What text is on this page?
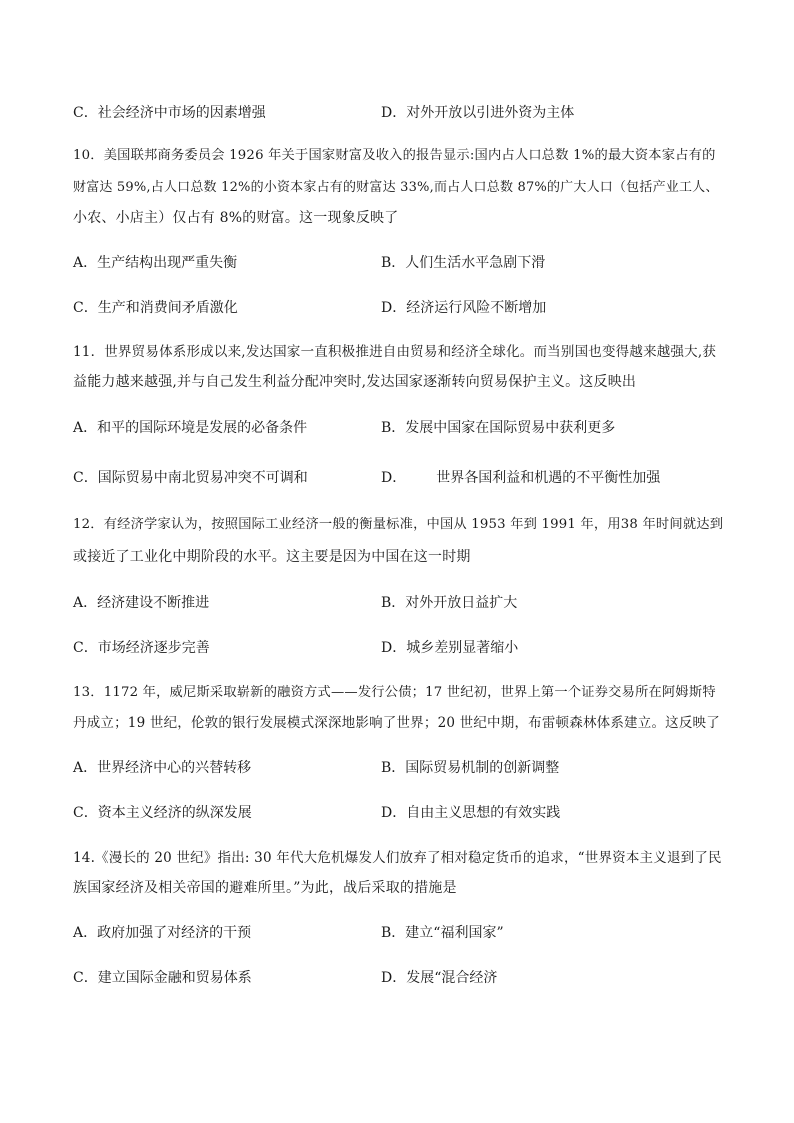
C．社会经济中市场的因素增强	D．对外开放以引进外资为主体
10．美国联邦商务委员会 1926 年关于国家财富及收入的报告显示:国内占人口总数 1%的最大资本家占有的
财富达 59%,占人口总数 12%的小资本家占有的财富达 33%,而占人口总数 87%的广大人口（包括产业工人、
小农、小店主）仅占有 8%的财富。这一现象反映了
A．生产结构出现严重失衡	B．人们生活水平急剧下滑
C．生产和消费间矛盾激化	D．经济运行风险不断增加
11．世界贸易体系形成以来,发达国家一直积极推进自由贸易和经济全球化。而当别国也变得越来越强大,获
益能力越来越强,并与自己发生利益分配冲突时,发达国家逐渐转向贸易保护主义。这反映出
A．和平的国际环境是发展的必备条件	B．发展中国家在国际贸易中获利更多
C．国际贸易中南北贸易冲突不可调和	D． 世界各国利益和机遇的不平衡性加强
12．有经济学家认为，按照国际工业经济一般的衡量标准，中国从 1953 年到 1991 年，用38 年时间就达到
或接近了工业化中期阶段的水平。这主要是因为中国在这一时期
A．经济建设不断推进	B．对外开放日益扩大
C．市场经济逐步完善	D．城乡差别显著缩小
13．1172 年，威尼斯采取崭新的融资方式——发行公债；17 世纪初，世界上第一个证券交易所在阿姆斯特
丹成立；19 世纪，伦敦的银行发展模式深深地影响了世界；20 世纪中期，布雷顿森林体系建立。这反映了
A．世界经济中心的兴替转移	B．国际贸易机制的创新调整
C．资本主义经济的纵深发展	D．自由主义思想的有效实践
14.《漫长的 20 世纪》指出: 30 年代大危机爆发人们放弃了相对稳定货币的追求，“世界资本主义退到了民
族国家经济及相关帝国的避难所里。”为此，战后采取的措施是
A．政府加强了对经济的干预	B．建立“福利国家”
C．建立国际金融和贸易体系	D．发展“混合经济
